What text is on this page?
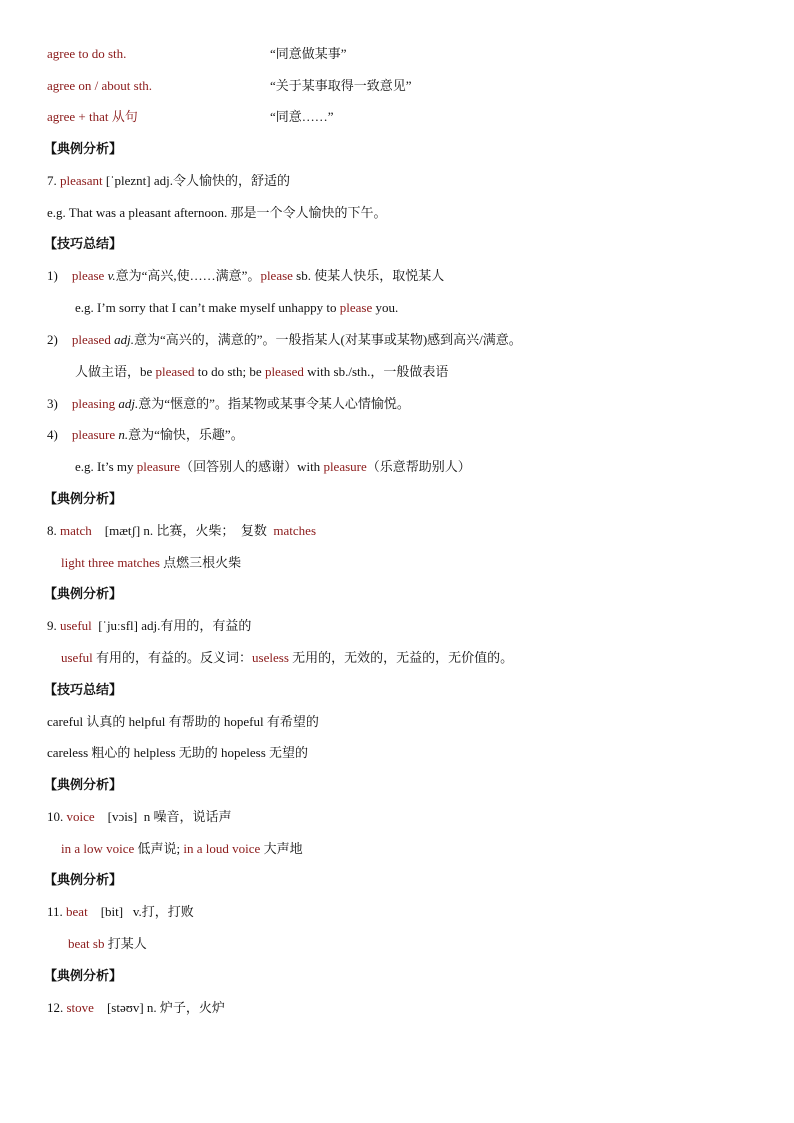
agree to do sth.	“同意做某事”
agree on / about sth.	“关于某事取得一致意见”
agree + that 从句	“同意……”
【典例分析】
7. pleasant [ˈpleznt] adj.令人愉快的，舒适的
e.g. That was a pleasant afternoon. 那是一个令人愉快的下午。
【技巧总结】
1) please v.意为“高兴,使……满意”。please sb. 使某人快乐，取悦某人
e.g. I’m sorry that I can’t make myself unhappy to please you.
2) pleased adj.意为“高兴的，满意的”。一般指某人(对某事或某物)感到高兴/满意。
人做主语，be pleased to do sth; be pleased with sb./sth.，一般做表语
3) pleasing adj.意为“惬意的”。指某物或某事令某人心情愉悦。
4) pleasure n.意为“愉快，乐趣”。
e.g. It’s my pleasure（回答别人的感谢）with pleasure（乐意帮助别人）
【典例分析】
8. match    [mætʃ] n. 比赛，火柴；  复数  matches
light three matches 点燃三根火柴
【典例分析】
9. useful  [ˈjuːsfl] adj.有用的，有益的
useful 有用的，有益的。反义词：useless 无用的，无效的，无益的，无价值的。
【技巧总结】
careful 认真的 helpful 有帮助的 hopeful 有希望的
careless 粗心的 helpless 无助的 hopeless 无望的
【典例分析】
10. voice    [vɔis]  n 噪音，说话声
in a low voice 低声说; in a loud voice 大声地
【典例分析】
11. beat    [bit]   v.打，打败
beat sb 打某人
【典例分析】
12. stove    [stəʊv] n. 炉子，火炉
